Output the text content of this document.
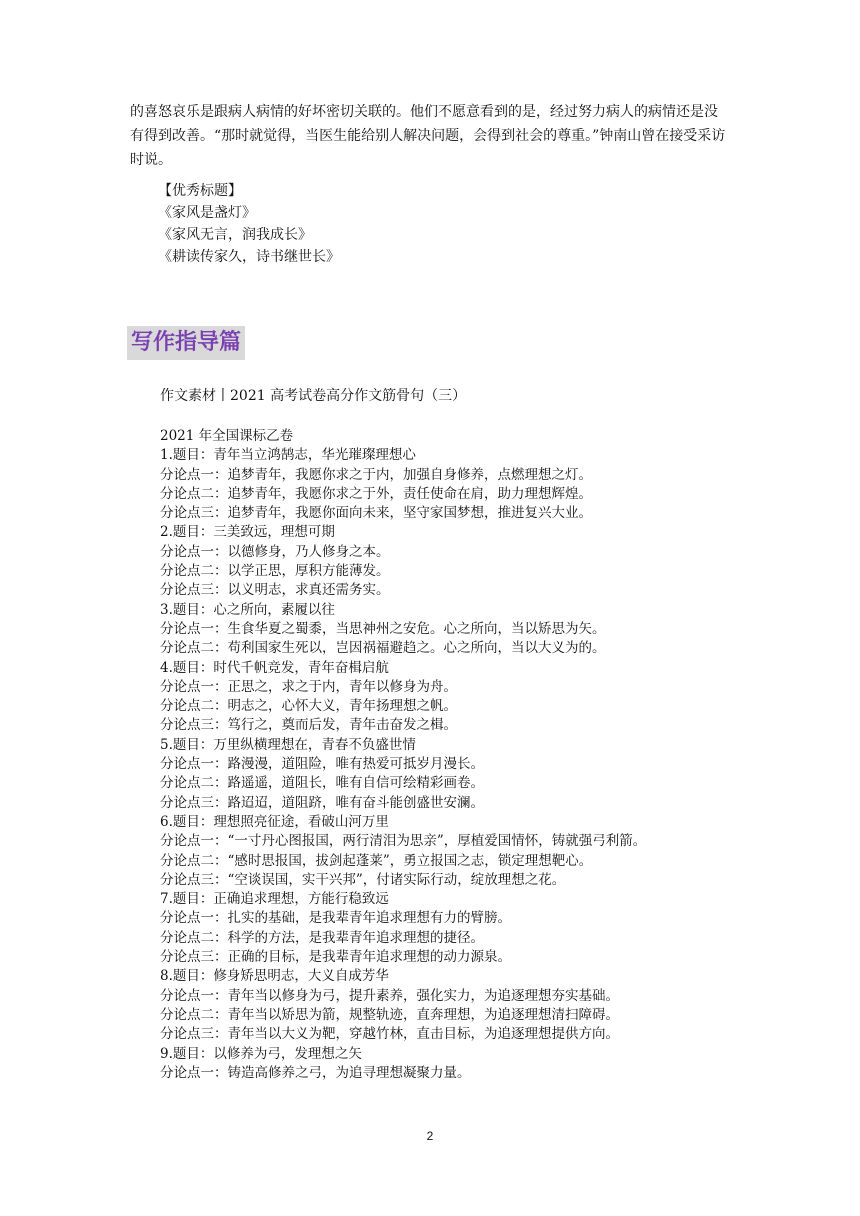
的喜怒哀乐是跟病人病情的好坏密切关联的。他们不愿意看到的是，经过努力病人的病情还是没有得到改善。“那时就觉得，当医生能给别人解决问题，会得到社会的尊重。”钟南山曾在接受采访时说。

【优秀标题】
《家风是盏灯》
《家风无言，润我成长》
《耕读传家久，诗书继世长》
写作指导篇
作文素材丨2021 高考试卷高分作文筋骨句（三）
2021 年全国课标乙卷
1.题目：青年当立鸿鹄志，华光璀璨理想心
分论点一：追梦青年，我愿你求之于内，加强自身修养，点燃理想之灯。
分论点二：追梦青年，我愿你求之于外，责任使命在肩，助力理想辉煌。
分论点三：追梦青年，我愿你面向未来，坚守家国梦想，推进复兴大业。
2.题目：三美致远，理想可期
分论点一：以德修身，乃人修身之本。
分论点二：以学正思，厚积方能薄发。
分论点三：以义明志，求真还需务实。
3.题目：心之所向，素履以往
分论点一：生食华夏之蜀黍，当思神州之安危。心之所向，当以矫思为矢。
分论点二：苟利国家生死以，岂因祸福避趋之。心之所向，当以大义为的。
4.题目：时代千帆竞发，青年奋楫启航
分论点一：正思之，求之于内，青年以修身为舟。
分论点二：明志之，心怀大义，青年扬理想之帆。
分论点三：笃行之，奠而后发，青年击奋发之楫。
5.题目：万里纵横理想在，青春不负盛世情
分论点一：路漫漫，道阻险，唯有热爱可抵岁月漫长。
分论点二：路遥遥，道阻长，唯有自信可绘精彩画卷。
分论点三：路迢迢，道阻跻，唯有奋斗能创盛世安澜。
6.题目：理想照亮征途，看破山河万里
分论点一：“一寸丹心图报国，两行清泪为思亲”，厚植爱国情怀，铸就强弓利箭。
分论点二：“感时思报国，拔剑起蓬莱”，勇立报国之志，锁定理想靶心。
分论点三：“空谈误国，实干兴邦”，付诸实际行动，绽放理想之花。
7.题目：正确追求理想，方能行稳致远
分论点一：扎实的基础，是我辈青年追求理想有力的臂膀。
分论点二：科学的方法，是我辈青年追求理想的捷径。
分论点三：正确的目标，是我辈青年追求理想的动力源泉。
8.题目：修身矫思明志，大义自成芳华
分论点一：青年当以修身为弓，提升素养，强化实力，为追逐理想夯实基础。
分论点二：青年当以矫思为箭，规整轨迹，直奔理想，为追逐理想清扫障碍。
分论点三：青年当以大义为靶，穿越竹林，直击目标，为追逐理想提供方向。
9.题目：以修养为弓，发理想之矢
分论点一：铸造高修养之弓，为追寻理想凝聚力量。
2
